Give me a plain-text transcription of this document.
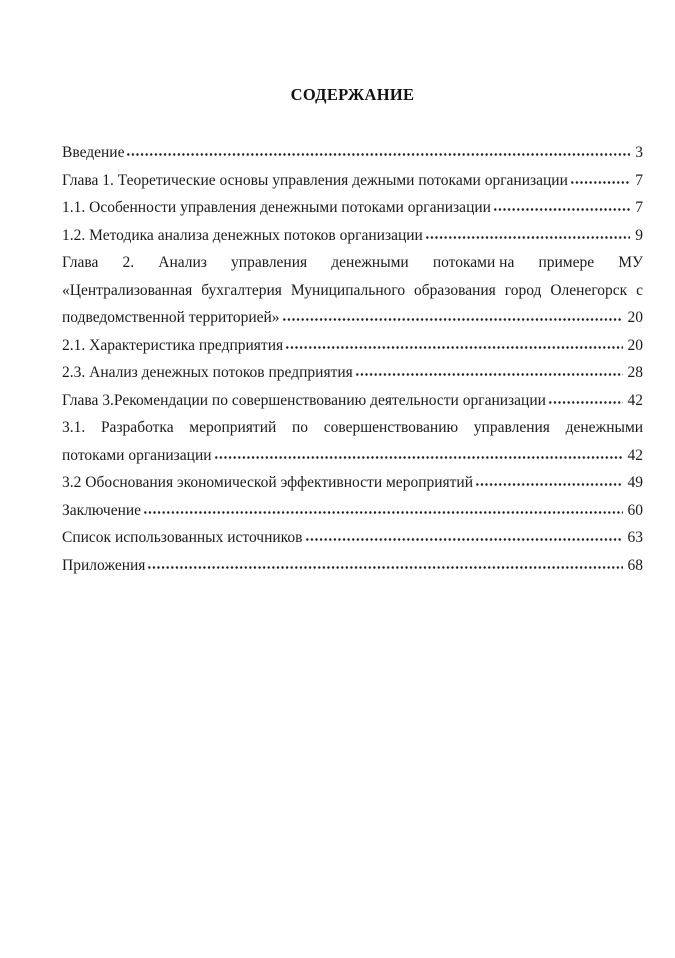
СОДЕРЖАНИЕ
Введение	3
Глава 1. Теоретические основы управления дежными потоками организации	7
1.1. Особенности управления денежными потоками организации	7
1.2. Методика анализа денежных потоков организации	9
Глава 2. Анализ управления денежными потоками на примере МУ
«Централизованная бухгалтерия Муниципального образования город Оленегорск с
подведомственной территорией»	20
2.1. Характеристика предприятия	20
2.3. Анализ денежных потоков предприятия	28
Глава 3.Рекомендации по совершенствованию деятельности организации	42
3.1. Разработка мероприятий по совершенствованию управления денежными
потоками организации	42
3.2 Обоснования экономической эффективности мероприятий	49
Заключение	60
Список использованных источников	63
Приложения	68
